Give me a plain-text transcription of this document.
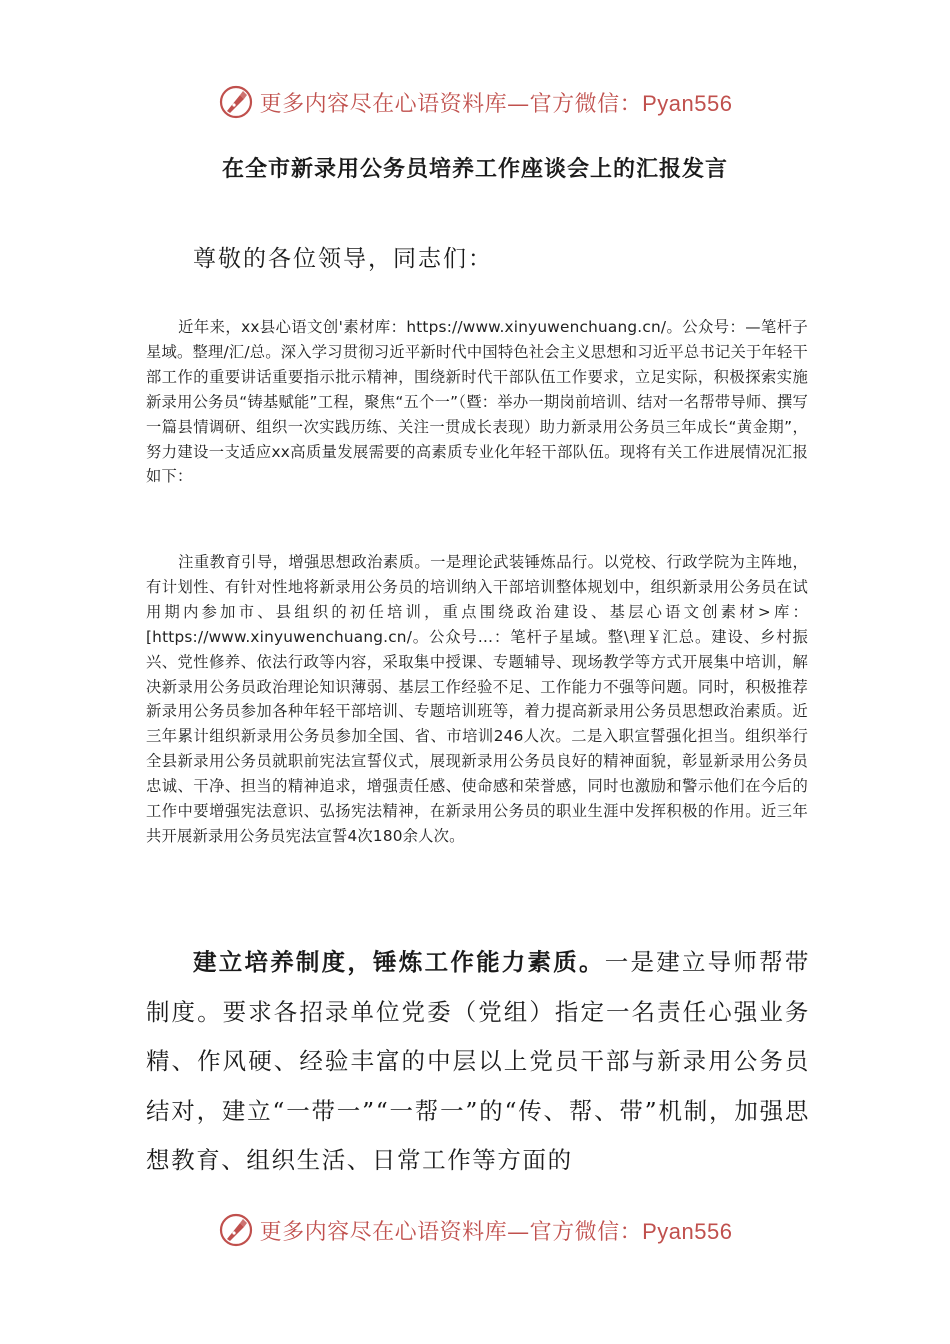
更多内容尽在心语资料库—官方微信：Pyan556
在全市新录用公务员培养工作座谈会上的汇报发言
尊敬的各位领导，同志们：
近年来，xx县心语文创'素材库：https://www.xinyuwenchuang.cn/。公众号：—笔杆子星域。整理/汇/总。深入学习贯彻习近平新时代中国特色社会主义思想和习近平总书记关于年轻干部工作的重要讲话重要指示批示精神，围绕新时代干部队伍工作要求，立足实际，积极探索实施新录用公务员“铸基赋能”工程，聚焦“五个一”（暨：举办一期岗前培训、结对一名帮带导师、撰写一篇县情调研、组织一次实践历练、关注一贯成长表现）助力新录用公务员三年成长“黄金期”，努力建设一支适应xx高质量发展需要的高素质专业化年轻干部队伍。现将有关工作进展情况汇报如下：
注重教育引导，增强思想政治素质。一是理论武装锤炼品行。以党校、行政学院为主阵地，有计划性、有针对性地将新录用公务员的培训纳入干部培训整体规划中，组织新录用公务员在试用期内参加市、县组织的初任培训，重点围绕政治建设、基层心语文创素材>库：[https://www.xinyuwenchuang.cn/。公众号…：笔杆子星域。整\理￥汇总。建设、乡村振兴、党性修养、依法行政等内容，采取集中授课、专题辅导、现场教学等方式开展集中培训，解决新录用公务员政治理论知识薄弱、基层工作经验不足、工作能力不强等问题。同时，积极推荐新录用公务员参加各种年轻干部培训、专题培训班等，着力提高新录用公务员思想政治素质。近三年累计组织新录用公务员参加全国、省、市培训246人次。二是入职宣誓强化担当。组织举行全县新录用公务员就职前宪法宣誓仪式，展现新录用公务员良好的精神面貌，彰显新录用公务员忠诚、干净、担当的精神追求，增强责任感、使命感和荣誉感，同时也激励和警示他们在今后的工作中要增强宪法意识、弘扬宪法精神，在新录用公务员的职业生涯中发挥积极的作用。近三年共开展新录用公务员宪法宣誓4次180余人次。
建立培养制度，锤炼工作能力素质。一是建立导师帮带制度。要求各招录单位党委（党组）指定一名责任心强业务精、作风硬、经验丰富的中层以上党员干部与新录用公务员结对，建立“一带一”“一帮一”的“传、帮、带”机制，加强思想教育、组织生活、日常工作等方面的
更多内容尽在心语资料库—官方微信：Pyan556
